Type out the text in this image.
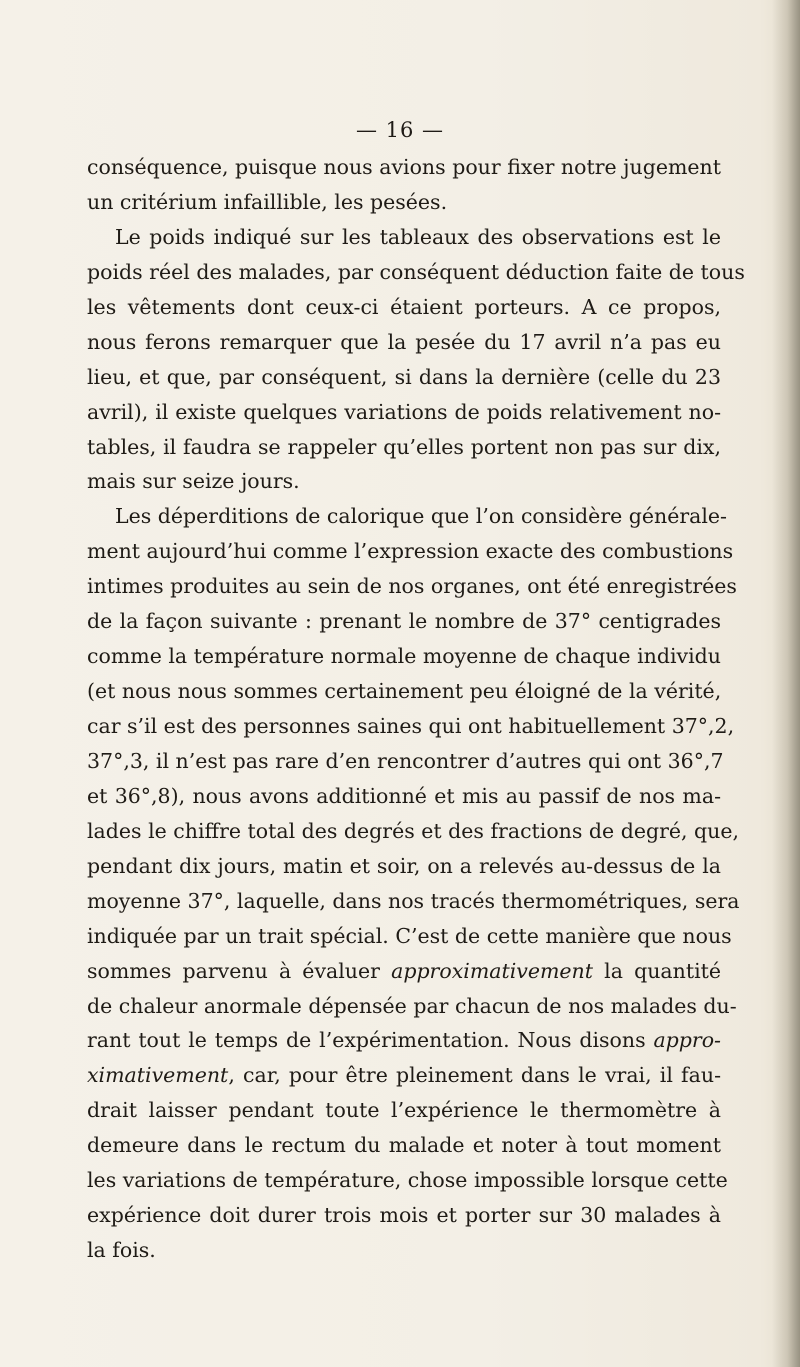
— 16 —
conséquence, puisque nous avions pour fixer notre jugement
un critérium infaillible, les pesées.
Le poids indiqué sur les tableaux des observations est le
poids réel des malades, par conséquent déduction faite de tous
les vêtements dont ceux-ci étaient porteurs. A ce propos,
nous ferons remarquer que la pesée du 17 avril n’a pas eu
lieu, et que, par conséquent, si dans la dernière (celle du 23
avril), il existe quelques variations de poids relativement no-
tables, il faudra se rappeler qu’elles portent non pas sur dix,
mais sur seize jours.
Les déperditions de calorique que l’on considère générale-
ment aujourd’hui comme l’expression exacte des combustions
intimes produites au sein de nos organes, ont été enregistrées
de la façon suivante : prenant le nombre de 37° centigrades
comme la température normale moyenne de chaque individu
(et nous nous sommes certainement peu éloigné de la vérité,
car s’il est des personnes saines qui ont habituellement 37°,2,
37°,3, il n’est pas rare d’en rencontrer d’autres qui ont 36°,7
et 36°,8), nous avons additionné et mis au passif de nos ma-
lades le chiffre total des degrés et des fractions de degré, que,
pendant dix jours, matin et soir, on a relevés au-dessus de la
moyenne 37°, laquelle, dans nos tracés thermométriques, sera
indiquée par un trait spécial. C’est de cette manière que nous
sommes parvenu à évaluer approximativement la quantité
de chaleur anormale dépensée par chacun de nos malades du-
rant tout le temps de l’expérimentation. Nous disons appro-
ximativement, car, pour être pleinement dans le vrai, il fau-
drait laisser pendant toute l’expérience le thermomètre à
demeure dans le rectum du malade et noter à tout moment
les variations de température, chose impossible lorsque cette
expérience doit durer trois mois et porter sur 30 malades à
la fois.
